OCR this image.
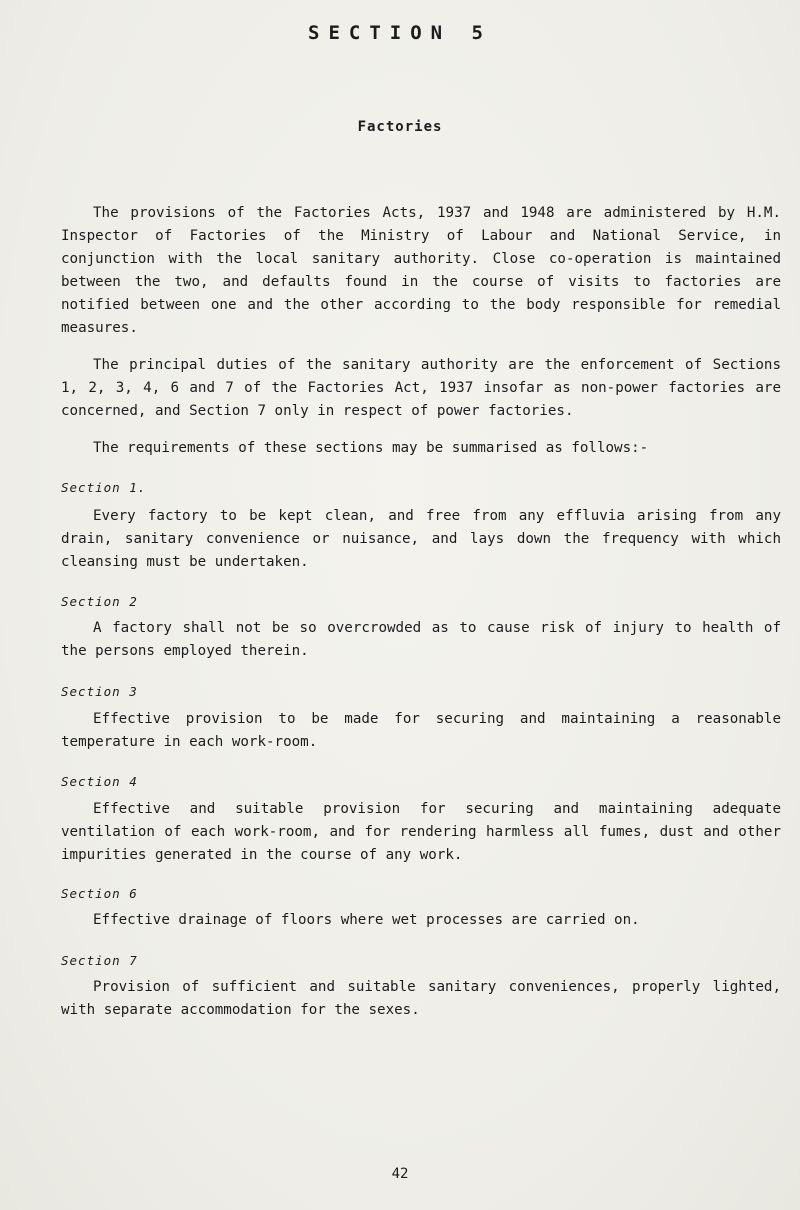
SECTION 5
Factories

The provisions of the Factories Acts, 1937 and 1948 are administered by H.M. Inspector of Factories of the Ministry of Labour and National Service, in conjunction with the local sanitary authority. Close co-operation is maintained between the two, and defaults found in the course of visits to factories are notified between one and the other according to the body responsible for remedial measures.

The principal duties of the sanitary authority are the enforcement of Sections 1, 2, 3, 4, 6 and 7 of the Factories Act, 1937 insofar as non-power factories are concerned, and Section 7 only in respect of power factories.

The requirements of these sections may be summarised as follows:-

Section 1.

Every factory to be kept clean, and free from any effluvia arising from any drain, sanitary convenience or nuisance, and lays down the frequency with which cleansing must be undertaken.

Section 2

A factory shall not be so overcrowded as to cause risk of injury to health of the persons employed therein.

Section 3

Effective provision to be made for securing and maintaining a reasonable temperature in each work-room.

Section 4

Effective and suitable provision for securing and maintaining adequate ventilation of each work-room, and for rendering harmless all fumes, dust and other impurities generated in the course of any work.

Section 6

Effective drainage of floors where wet processes are carried on.

Section 7

Provision of sufficient and suitable sanitary conveniences, properly lighted, with separate accommodation for the sexes.

42
